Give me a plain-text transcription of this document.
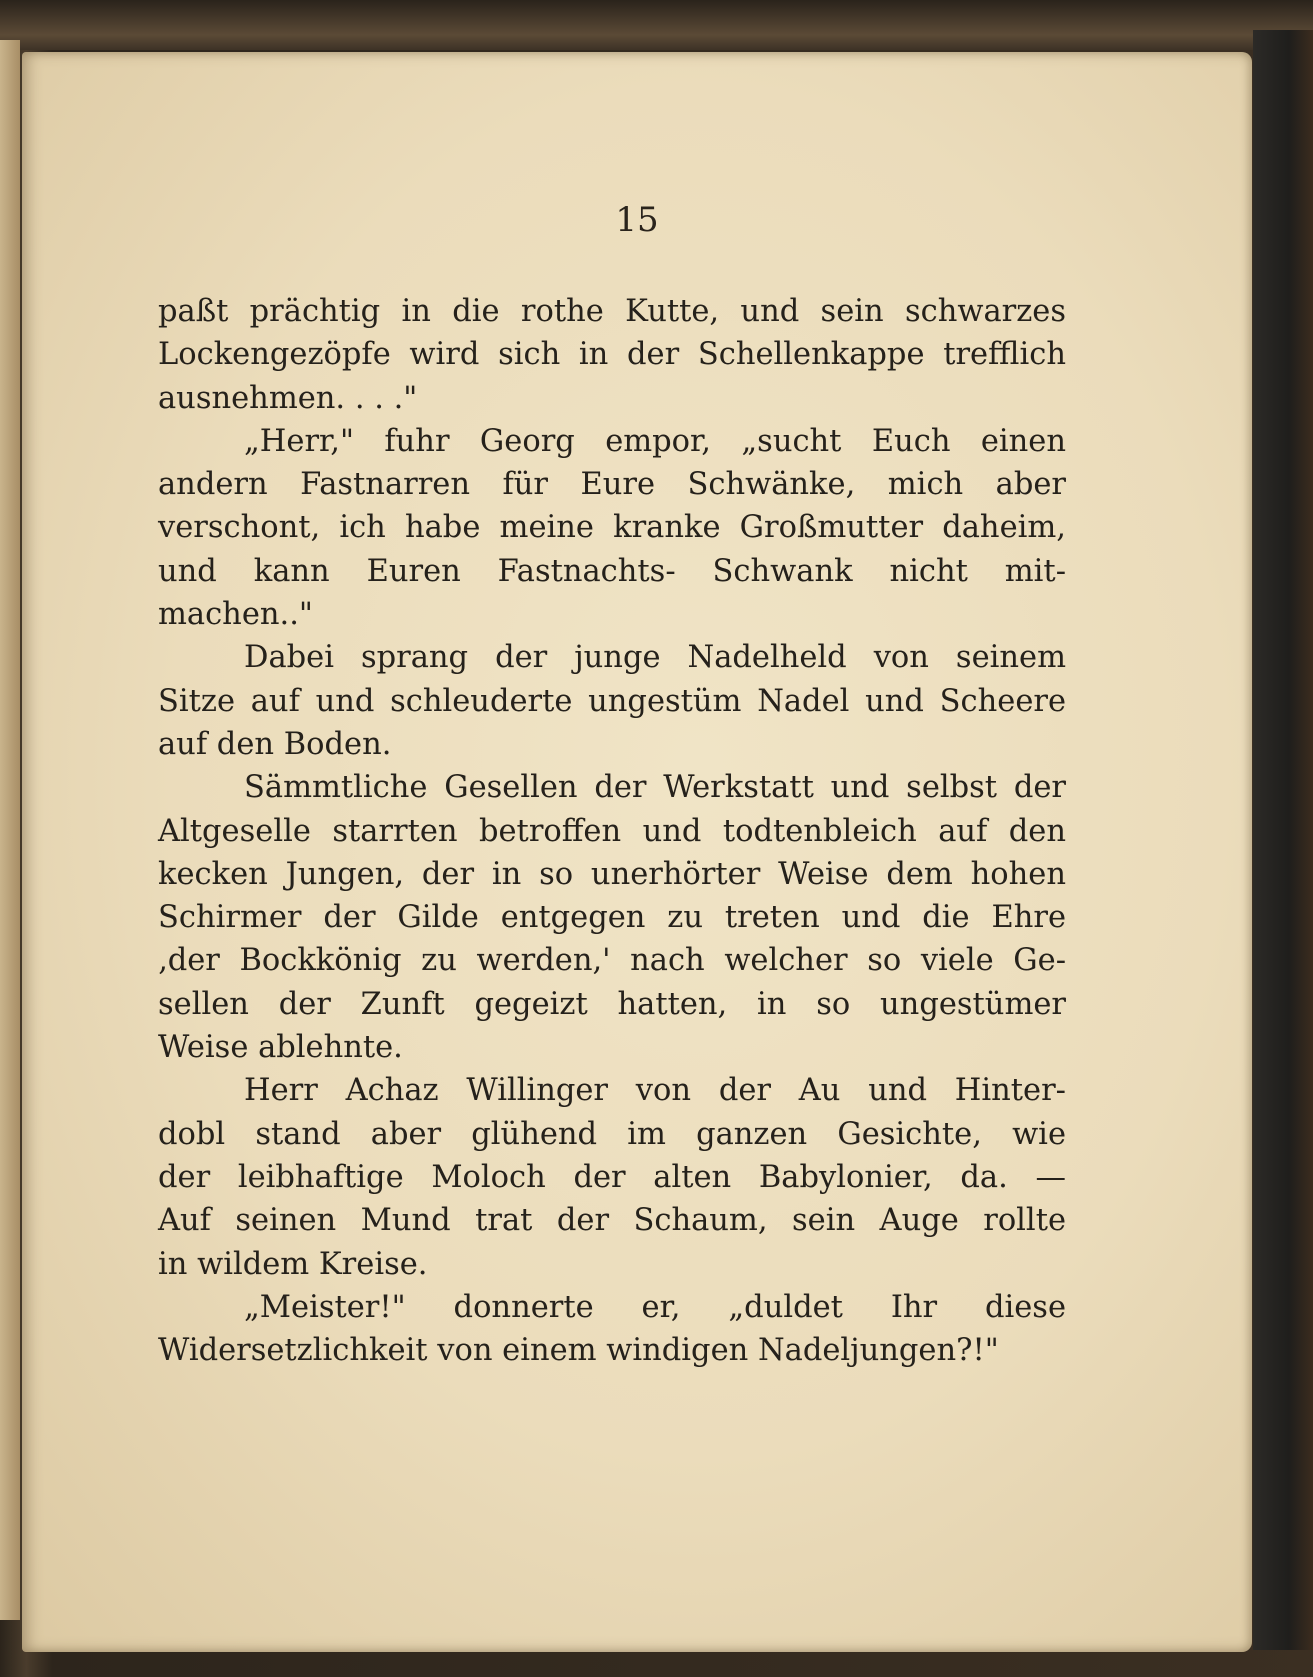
15
paßt prächtig in die rothe Kutte, und sein schwarzes
Lockengezöpfe wird sich in der Schellenkappe trefflich
ausnehmen. . . ."
„Herr," fuhr Georg empor, „sucht Euch einen
andern Fastnarren für Eure Schwänke, mich aber
verschont, ich habe meine kranke Großmutter daheim,
und kann Euren Fastnachts- Schwank nicht mit-
machen.."
Dabei sprang der junge Nadelheld von seinem
Sitze auf und schleuderte ungestüm Nadel und Scheere
auf den Boden.
Sämmtliche Gesellen der Werkstatt und selbst der
Altgeselle starrten betroffen und todtenbleich auf den
kecken Jungen, der in so unerhörter Weise dem hohen
Schirmer der Gilde entgegen zu treten und die Ehre
‚der Bockkönig zu werden,' nach welcher so viele Ge-
sellen der Zunft gegeizt hatten, in so ungestümer
Weise ablehnte.
Herr Achaz Willinger von der Au und Hinter-
dobl stand aber glühend im ganzen Gesichte, wie
der leibhaftige Moloch der alten Babylonier, da. —
Auf seinen Mund trat der Schaum, sein Auge rollte
in wildem Kreise.
„Meister!" donnerte er, „duldet Ihr diese
Widersetzlichkeit von einem windigen Nadeljungen?!"
